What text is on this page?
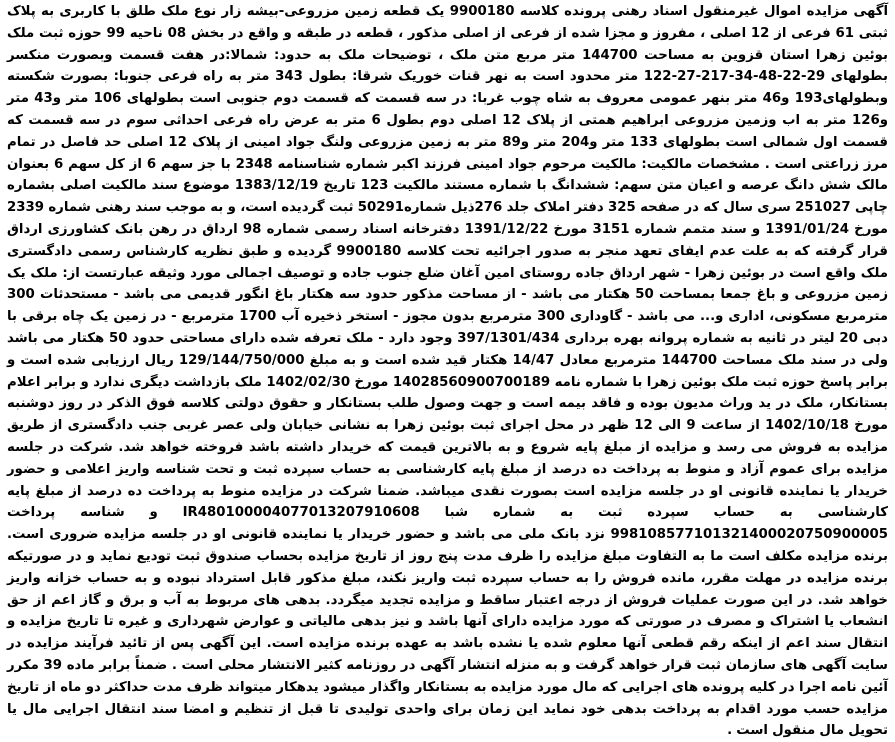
آگهی مزایده اموال غیرمنقول اسناد رهنی پرونده کلاسه 9900180 یک قطعه زمین مزروعی-بیشه زار نوع ملک طلق با کاربری به پلاک ثبتی 61 فرعی از 12 اصلی ، مفروز و مجزا شده از فرعی از اصلی مذکور ، قطعه در طبقه و واقع در بخش 08 ناحیه 99 حوزه ثبت ملک بوئین زهرا استان قزوین به مساحت 144700 متر مربع متن ملک ، توضیحات ملک به حدود: شمالا:در هفت قسمت وبصورت منکسر بطولهای 29-22-48-34-217-27-122 متر محدود است به نهر قنات خوریک شرقا: بطول 343 متر به راه فرعی جنوبا: بصورت شکسته وبطولهای193 و46 متر بنهر عمومی معروف به شاه چوب غربا: در سه قسمت که قسمت دوم جنوبی است بطولهای 106 متر و43 متر و126 متر به اب وزمین مزروعی ابراهیم همتی از پلاک 12 اصلی دوم بطول 6 متر به عرض راه فرعی احداثی سوم در سه قسمت که قسمت اول شمالی است بطولهای 133 متر و204 متر و89 متر به زمین مزروعی ولنگ جواد امینی از پلاک 12 اصلی حد فاصل در تمام مرز زراعتی است . مشخصات مالکیت: مالکیت مرحوم جواد امینی فرزند اکبر شماره شناسنامه 2348 با جز سهم 6 از کل سهم 6 بعنوان مالک شش دانگ عرصه و اعیان متن سهم: ششدانگ با شماره مستند مالکیت 123 تاریخ 1383/12/19 موضوع سند مالکیت اصلی بشماره چاپی 251027 سری سال که در صفحه 325 دفتر املاک جلد 276ذیل شماره50291 ثبت گردیده است، و به موجب سند رهنی شماره 2339 مورخ 1391/01/24 و سند متمم شماره 3151 مورخ 1391/12/22 دفترخانه اسناد رسمی شماره 98 ارداق در رهن بانک کشاورزی ارداق قرار گرفته که به علت عدم ایفای تعهد منجر به صدور اجرائیه تحت کلاسه 9900180 گردیده و طبق نظریه کارشناس رسمی دادگستری ملک واقع است در بوئین زهرا - شهر ارداق جاده روستای امین آغان ضلع جنوب جاده و توصیف اجمالی مورد وثیقه عبارتست از: ملک یک زمین مزروعی و باغ جمعا بمساحت 50 هکتار می باشد - از مساحت مذکور حدود سه هکتار باغ انگور قدیمی می باشد - مستحدثات 300 مترمربع مسکونی، اداری و... می باشد - گاوداری 300 مترمربع بدون مجوز - استخر ذخیره آب 1700 مترمربع - در زمین یک چاه برقی با دبی 20 لیتر در ثانیه به شماره پروانه بهره برداری 397/1301/434 وجود دارد - ملک تعرفه شده دارای مساحتی حدود 50 هکتار می باشد ولی در سند ملک مساحت 144700 مترمربع معادل 14/47 هکتار قید شده است و به مبلغ 129/144/750/000 ریال ارزیابی شده است و برابر پاسخ حوزه ثبت ملک بوئین زهرا با شماره نامه 14028560900700189 مورخ 1402/02/30 ملک بازداشت دیگری ندارد و برابر اعلام بستانکار، ملک در ید وراث مدیون بوده و فاقد بیمه است و جهت وصول طلب بستانکار و حقوق دولتی کلاسه فوق الذکر در روز دوشنبه مورخ 1402/10/18 از ساعت 9 الی 12 ظهر در محل اجرای ثبت بوئین زهرا به نشانی خیابان ولی عصر غربی جنب دادگستری از طریق مزایده به فروش می رسد و مزایده از مبلغ پایه شروع و به بالاترین قیمت که خریدار داشته باشد فروخته خواهد شد. شرکت در جلسه مزایده برای عموم آزاد و منوط به پرداخت ده درصد از مبلغ پایه کارشناسی به حساب سپرده ثبت و تحت شناسه واریز اعلامی و حضور خریدار یا نماینده قانونی او در جلسه مزایده است بصورت نقدی میباشد. ضمنا شرکت در مزایده منوط به پرداخت ده درصد از مبلغ پایه کارشناسی به حساب سپرده ثبت به شماره شبا IR480100004077013207910608 و شناسه پرداخت 998108577101321400020750900005 نزد بانک ملی می باشد و حضور خریدار یا نماینده قانونی او در جلسه مزایده ضروری است. برنده مزایده مکلف است ما به التفاوت مبلغ مزایده را ظرف مدت پنج روز از تاریخ مزایده بحساب صندوق ثبت تودیع نماید و در صورتیکه برنده مزایده در مهلت مقرر، مانده فروش را به حساب سپرده ثبت واریز نکند، مبلغ مذکور قابل استرداد نبوده و به حساب خزانه واریز خواهد شد. در این صورت عملیات فروش از درجه اعتبار ساقط و مزایده تجدید میگردد. بدهی های مربوط به آب و برق و گاز اعم از حق انشعاب یا اشتراک و مصرف در صورتی که مورد مزایده دارای آنها باشد و نیز بدهی مالیاتی و عوارض شهرداری و غیره تا تاریخ مزایده و انتقال سند اعم از اینکه رقم قطعی آنها معلوم شده یا نشده باشد به عهده برنده مزایده است. این آگهی پس از تائید فرآیند مزایده در سایت آگهی های سازمان ثبت قرار خواهد گرفت و به منزله انتشار آگهی در روزنامه کثیر الانتشار محلی است . ضمناً برابر ماده 39 مکرر آئین نامه اجرا در کلیه پرونده های اجرایی که مال مورد مزایده به بستانکار واگذار میشود یدهکار میتواند ظرف مدت حداکثر دو ماه از تاریخ مزایده حسب مورد اقدام به پرداخت بدهی خود نماید این زمان برای واحدی تولیدی تا قبل از تنظیم و امضا سند انتقال اجرایی مال یا تحویل مال منقول است .
